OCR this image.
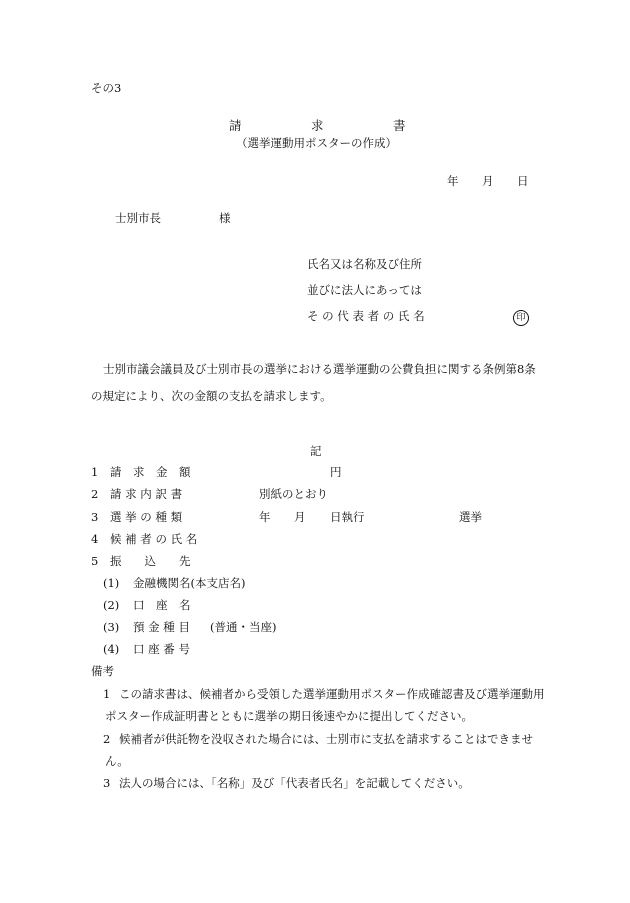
その3
請	求	書
（選挙運動用ポスターの作成）
年 月 日
士別市長	様
氏名又は名称及び住所
並びに法人にあっては
そ の 代 表 者 の 氏 名	印
士別市議会議員及び士別市長の選挙における選挙運動の公費負担に関する条例第8条
の規定により、次の金額の支払を請求します。
記
1 請　求　金　額	円
2 請 求 内 訳 書	別紙のとおり
3 選 挙 の 種 類	年 月 日執行	選挙
4 候 補 者 の 氏 名
5 振　　込　　先
(1) 金融機関名(本支店名)
(2) 口　座　名
(3) 預 金 種 目 (普通・当座)
(4) 口 座 番 号
備考
1 この請求書は、候補者から受領した選挙運動用ポスター作成確認書及び選挙運動用
ポスター作成証明書とともに選挙の期日後速やかに提出してください。
2 候補者が供託物を没収された場合には、士別市に支払を請求することはできませ
ん。
3 法人の場合には、「名称」及び「代表者氏名」を記載してください。
